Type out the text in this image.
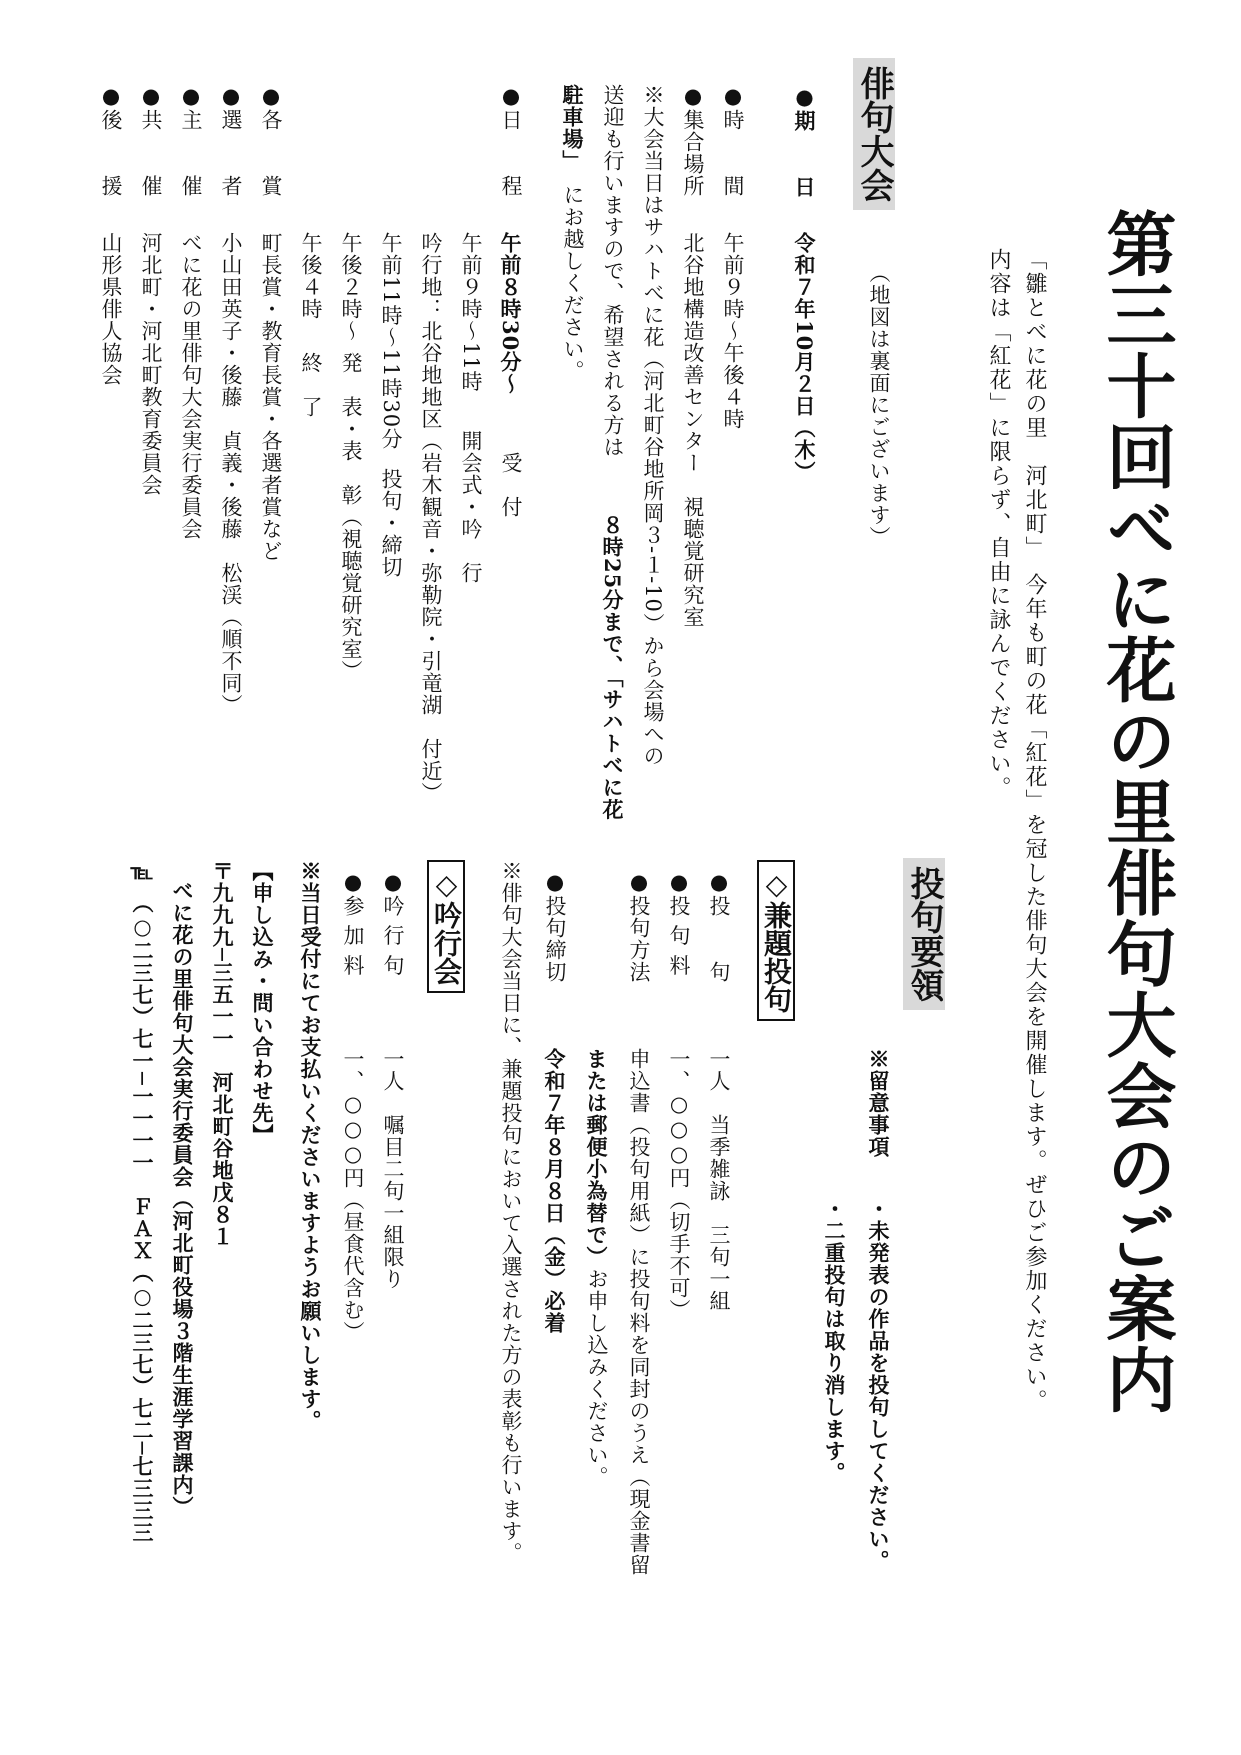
第三十回べに花の里俳句大会のご案内
「雛とべに花の里　河北町」　今年も町の花「紅花」を冠した俳句大会を開催します。ぜひご参加ください。
内容は「紅花」に限らず、自由に詠んでください。
投句要領
※留意事項
・未発表の作品を投句してください。
・二重投句は取り消します。
◇兼題投句
●投　　句
一人　当季雑詠　三句一組
●投 句 料
一、○○○円（切手不可）
●投句方法
申込書（投句用紙）に投句料を同封のうえ（現金書留
または郵便小為替で）
お申し込みください。
●投句締切
令和７年８月８日（金）必着
※俳句大会当日に、兼題投句において入選された方の表彰も行います。
◇吟行会
●吟 行 句
一人　嘱目二句一組限り
●参 加 料
一、○○○円（昼食代含む）
※当日受付にてお支払いくださいますようお願いします。
【申し込み・問い合わせ先】
〒九九九─三五一一　河北町谷地戊８１
べに花の里俳句大会実行委員会（河北町役場３階生涯学習課内）
℡
（○二三七）七一─一一一一　ＦＡＸ（○二三七）七二─七三三三
俳句大会
（地図は裏面にございます）
●期　　日
令和７年10月２日（木）
●時　　間
午前９時〜午後４時
●集合場所
北谷地構造改善センター　視聴覚研究室
※大会当日はサハトべに花（河北町谷地所岡３-１-10）から会場への
送迎も行いますので、希望される方は
８時25分まで、「サハトべに花
駐車場」
にお越しください。
●日　　程
午前８時30分〜
受　付
午前９時〜11時
開会式・吟　行
吟行地：北谷地地区
（岩木観音・弥勒院・引竜湖　付近）
午前11時〜11時30分
投句・締切
午後２時〜
発　表・表　彰（視聴覚研究室）
午後４時
終　了
●各　　賞
町長賞・教育長賞・各選者賞など
●選　　者
小山田英子・後藤　貞義・後藤　松渓（順不同）
●主　　催
べに花の里俳句大会実行委員会
●共　　催
河北町・河北町教育委員会
●後　　援
山形県俳人協会
